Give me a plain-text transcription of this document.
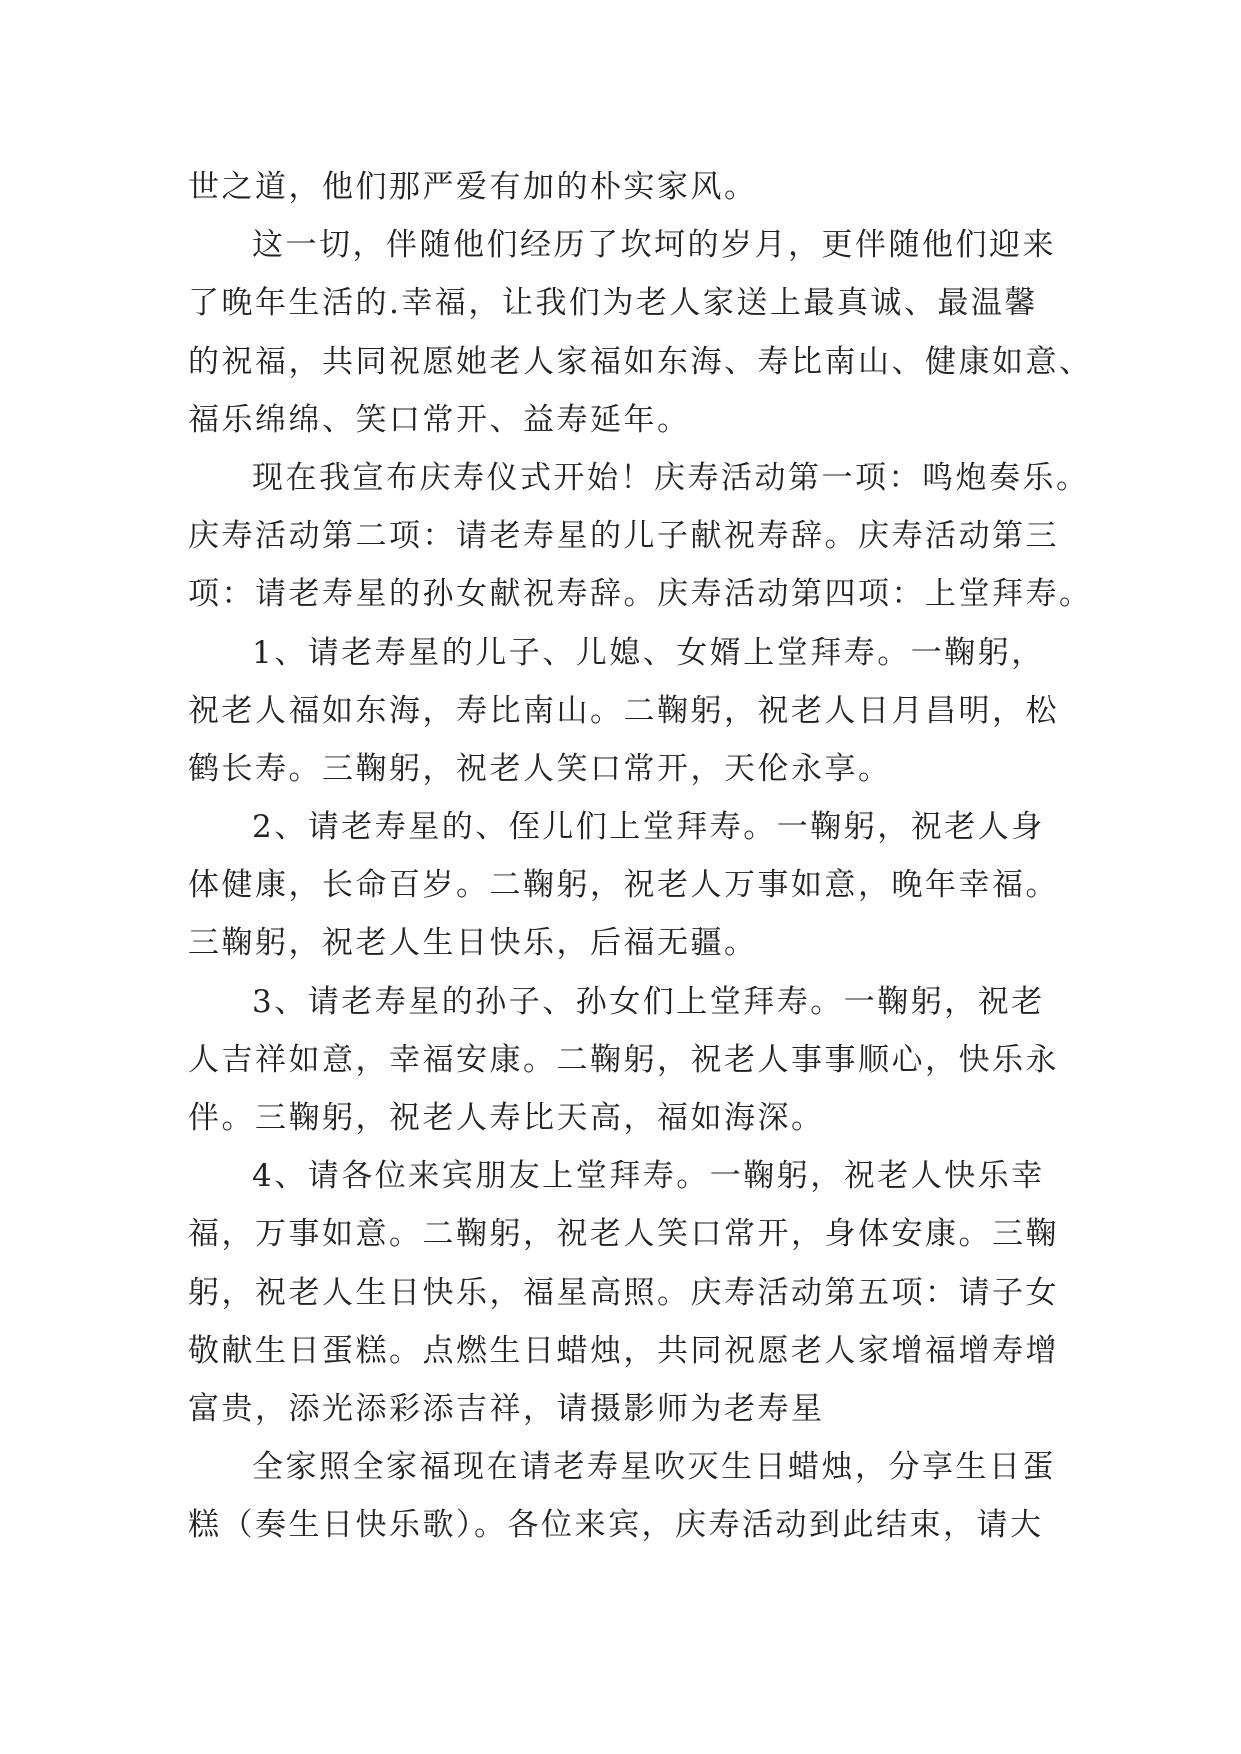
世之道，他们那严爱有加的朴实家风。
这一切，伴随他们经历了坎坷的岁月，更伴随他们迎来
了晚年生活的.幸福，让我们为老人家送上最真诚、最温馨
的祝福，共同祝愿她老人家福如东海、寿比南山、健康如意、
福乐绵绵、笑口常开、益寿延年。
现在我宣布庆寿仪式开始！庆寿活动第一项：鸣炮奏乐。
庆寿活动第二项：请老寿星的儿子献祝寿辞。庆寿活动第三
项：请老寿星的孙女献祝寿辞。庆寿活动第四项：上堂拜寿。
1、请老寿星的儿子、儿媳、女婿上堂拜寿。一鞠躬，
祝老人福如东海，寿比南山。二鞠躬，祝老人日月昌明，松
鹤长寿。三鞠躬，祝老人笑口常开，天伦永享。
2、请老寿星的、侄儿们上堂拜寿。一鞠躬，祝老人身
体健康，长命百岁。二鞠躬，祝老人万事如意，晚年幸福。
三鞠躬，祝老人生日快乐，后福无疆。
3、请老寿星的孙子、孙女们上堂拜寿。一鞠躬，祝老
人吉祥如意，幸福安康。二鞠躬，祝老人事事顺心，快乐永
伴。三鞠躬，祝老人寿比天高，福如海深。
4、请各位来宾朋友上堂拜寿。一鞠躬，祝老人快乐幸
福，万事如意。二鞠躬，祝老人笑口常开，身体安康。三鞠
躬，祝老人生日快乐，福星高照。庆寿活动第五项：请子女
敬献生日蛋糕。点燃生日蜡烛，共同祝愿老人家增福增寿增
富贵，添光添彩添吉祥，请摄影师为老寿星
全家照全家福现在请老寿星吹灭生日蜡烛，分享生日蛋
糕（奏生日快乐歌）。各位来宾，庆寿活动到此结束，请大
